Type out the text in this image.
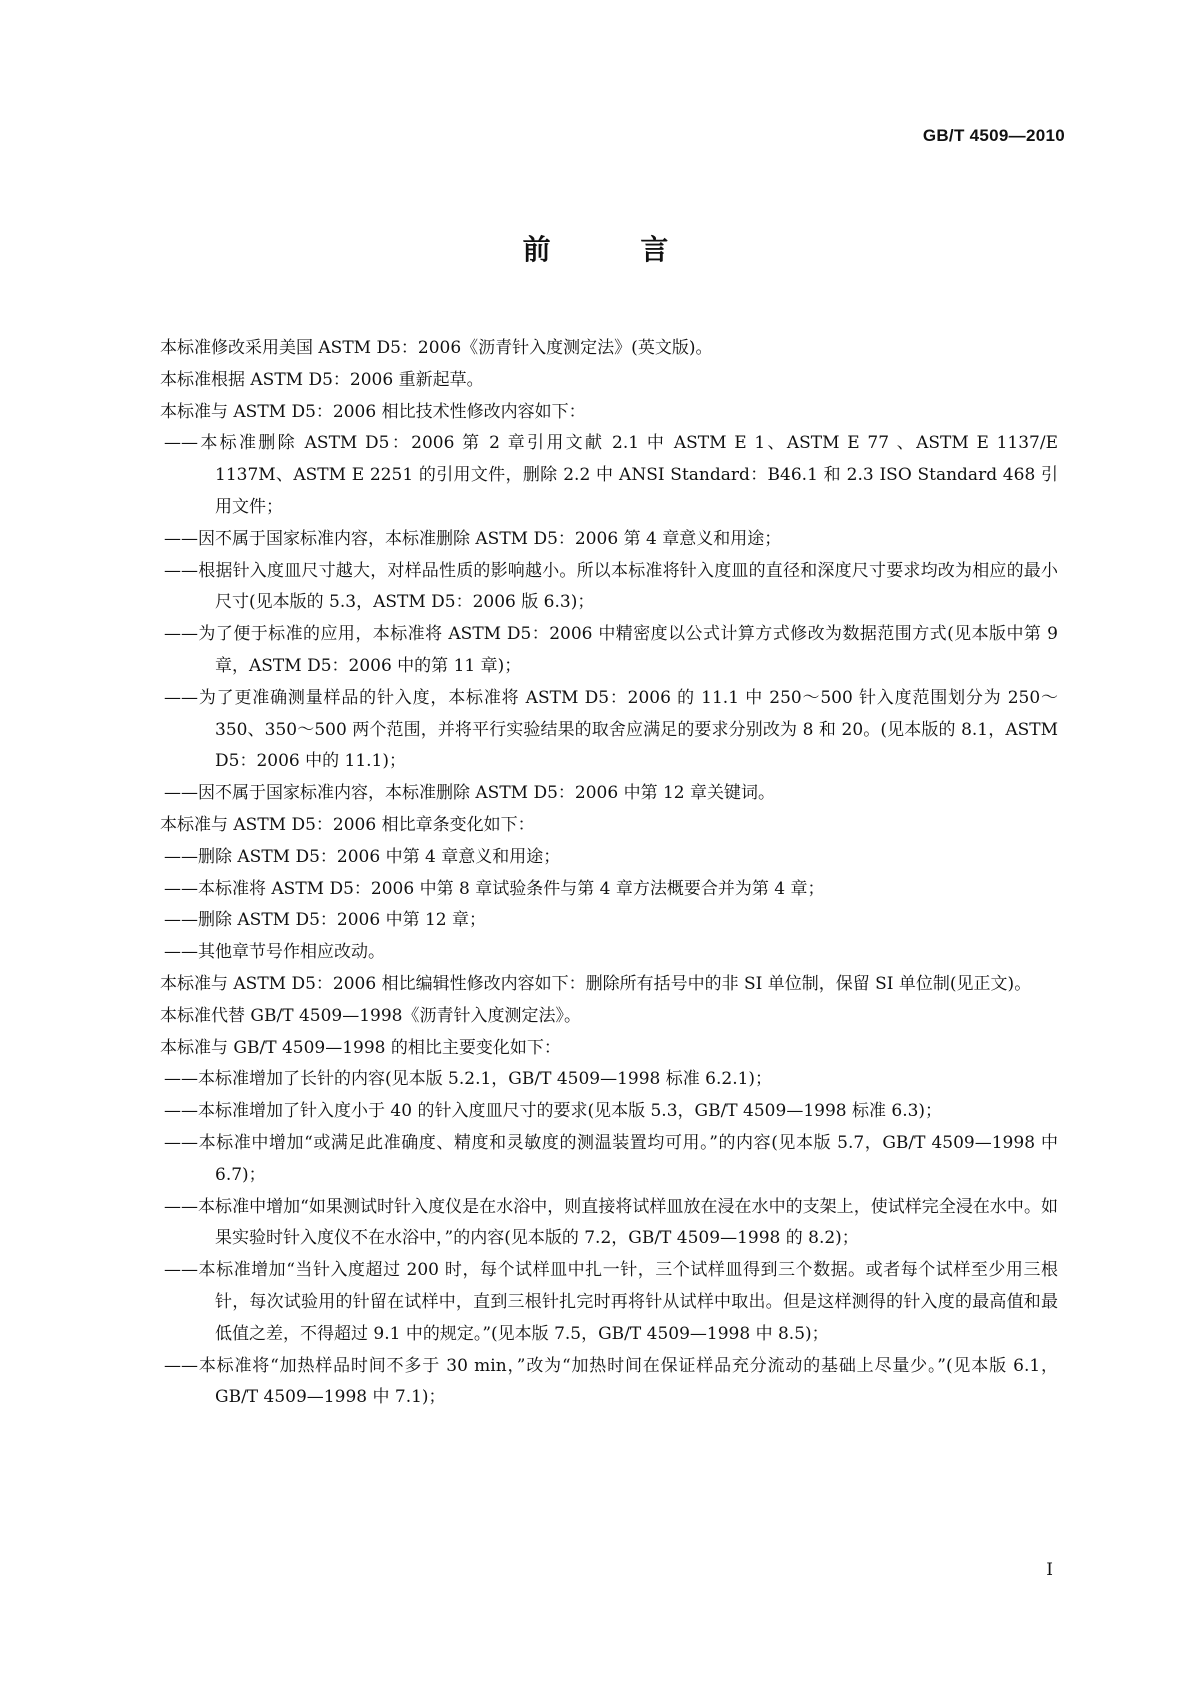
GB/T 4509—2010
前 言

本标准修改采用美国 ASTM D5：2006《沥青针入度测定法》(英文版)。

本标准根据 ASTM D5：2006 重新起草。

本标准与 ASTM D5：2006 相比技术性修改内容如下：

——本标准删除 ASTM D5：2006 第 2 章引用文献 2.1 中 ASTM E 1、ASTM E 77 、ASTM E 1137/E 1137M、ASTM E 2251 的引用文件，删除 2.2 中 ANSI Standard：B46.1 和 2.3 ISO Standard 468 引用文件；

——因不属于国家标准内容，本标准删除 ASTM D5：2006 第 4 章意义和用途；

——根据针入度皿尺寸越大，对样品性质的影响越小。所以本标准将针入度皿的直径和深度尺寸要求均改为相应的最小尺寸(见本版的 5.3，ASTM D5：2006 版 6.3)；

——为了便于标准的应用，本标准将 ASTM D5：2006 中精密度以公式计算方式修改为数据范围方式(见本版中第 9 章，ASTM D5：2006 中的第 11 章)；

——为了更准确测量样品的针入度，本标准将 ASTM D5：2006 的 11.1 中 250～500 针入度范围划分为 250～350、350～500 两个范围，并将平行实验结果的取舍应满足的要求分别改为 8 和 20。(见本版的 8.1，ASTM D5：2006 中的 11.1)；

——因不属于国家标准内容，本标准删除 ASTM D5：2006 中第 12 章关键词。

本标准与 ASTM D5：2006 相比章条变化如下：

——删除 ASTM D5：2006 中第 4 章意义和用途；

——本标准将 ASTM D5：2006 中第 8 章试验条件与第 4 章方法概要合并为第 4 章；

——删除 ASTM D5：2006 中第 12 章；

——其他章节号作相应改动。

本标准与 ASTM D5：2006 相比编辑性修改内容如下：删除所有括号中的非 SI 单位制，保留 SI 单位制(见正文)。

本标准代替 GB/T 4509—1998《沥青针入度测定法》。

本标准与 GB/T 4509—1998 的相比主要变化如下：

——本标准增加了长针的内容(见本版 5.2.1，GB/T 4509—1998 标准 6.2.1)；

——本标准增加了针入度小于 40 的针入度皿尺寸的要求(见本版 5.3，GB/T 4509—1998 标准 6.3)；

——本标准中增加“或满足此准确度、精度和灵敏度的测温装置均可用。”的内容(见本版 5.7，GB/T 4509—1998 中 6.7)；

——本标准中增加“如果测试时针入度仪是在水浴中，则直接将试样皿放在浸在水中的支架上，使试样完全浸在水中。如果实验时针入度仪不在水浴中，”的内容(见本版的 7.2，GB/T 4509—1998 的 8.2)；

——本标准增加“当针入度超过 200 时，每个试样皿中扎一针，三个试样皿得到三个数据。或者每个试样至少用三根针，每次试验用的针留在试样中，直到三根针扎完时再将针从试样中取出。但是这样测得的针入度的最高值和最低值之差，不得超过 9.1 中的规定。”(见本版 7.5，GB/T 4509—1998 中 8.5)；

——本标准将“加热样品时间不多于 30 min，”改为“加热时间在保证样品充分流动的基础上尽量少。”(见本版 6.1，GB/T 4509—1998 中 7.1)；

I
